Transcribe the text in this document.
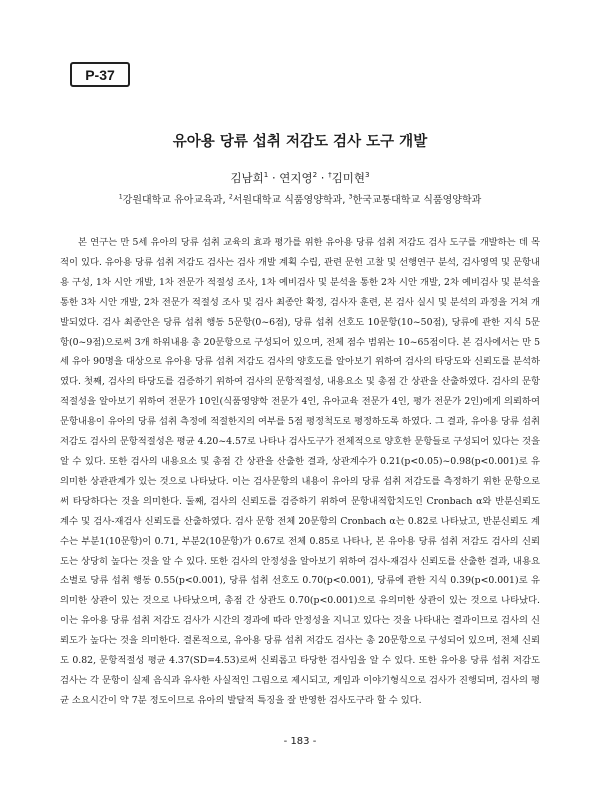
P-37
유아용 당류 섭취 저감도 검사 도구 개발
김남희$^1$ · 연지영$^2$ · †김미현$^3$
$^1$강원대학교 유아교육과, $^2$서원대학교 식품영양학과, $^3$한국교통대학교 식품영양학과

본 연구는 만 5세 유아의 당류 섭취 교육의 효과 평가를 위한 유아용 당류 섭취 저감도 검사 도구를 개발하는 데 목적이 있다. 유아용 당류 섭취 저감도 검사는 검사 개발 계획 수립, 관련 문헌 고찰 및 선행연구 분석, 검사영역 및 문항내용 구성, 1차 시안 개발, 1차 전문가 적절성 조사, 1차 예비검사 및 분석을 통한 2차 시안 개발, 2차 예비검사 및 분석을 통한 3차 시안 개발, 2차 전문가 적절성 조사 및 검사 최종안 확정, 검사자 훈련, 본 검사 실시 및 분석의 과정을 거쳐 개발되었다. 검사 최종안은 당류 섭취 행동 5문항(0~6점), 당류 섭취 선호도 10문항(10~50점), 당류에 관한 지식 5문항(0~9점)으로써 3개 하위내용 총 20문항으로 구성되어 있으며, 전체 점수 범위는 10~65점이다. 본 검사에서는 만 5세 유아 90명을 대상으로 유아용 당류 섭취 저감도 검사의 양호도를 알아보기 위하여 검사의 타당도와 신뢰도를 분석하였다. 첫째, 검사의 타당도를 검증하기 위하여 검사의 문항적절성, 내용요소 및 총점 간 상관을 산출하였다. 검사의 문항적절성을 알아보기 위하여 전문가 10인(식품영양학 전문가 4인, 유아교육 전문가 4인, 평가 전문가 2인)에게 의뢰하여 문항내용이 유아의 당류 섭취 측정에 적절한지의 여부를 5점 평정척도로 평정하도록 하였다. 그 결과, 유아용 당류 섭취 저감도 검사의 문항적절성은 평균 4.20~4.57로 나타나 검사도구가 전체적으로 양호한 문항들로 구성되어 있다는 것을 알 수 있다. 또한 검사의 내용요소 및 총점 간 상관을 산출한 결과, 상관계수가 0.21(p<0.05)~0.98(p<0.001)로 유의미한 상관관계가 있는 것으로 나타났다. 이는 검사문항의 내용이 유아의 당류 섭취 저감도를 측정하기 위한 문항으로써 타당하다는 것을 의미한다. 둘째, 검사의 신뢰도를 검증하기 위하여 문항내적합치도인 Cronbach α와 반분신뢰도 계수 및 검사-재검사 신뢰도를 산출하였다. 검사 문항 전체 20문항의 Cronbach α는 0.82로 나타났고, 반분신뢰도 계수는 부분1(10문항)이 0.71, 부분2(10문항)가 0.67로 전체 0.85로 나타나, 본 유아용 당류 섭취 저감도 검사의 신뢰도는 상당히 높다는 것을 알 수 있다. 또한 검사의 안정성을 알아보기 위하여 검사-재검사 신뢰도를 산출한 결과, 내용요소별로 당류 섭취 행동 0.55(p<0.001), 당류 섭취 선호도 0.70(p<0.001), 당류에 관한 지식 0.39(p<0.001)로 유의미한 상관이 있는 것으로 나타났으며, 총점 간 상관도 0.70(p<0.001)으로 유의미한 상관이 있는 것으로 나타났다. 이는 유아용 당류 섭취 저감도 검사가 시간의 경과에 따라 안정성을 지니고 있다는 것을 나타내는 결과이므로 검사의 신뢰도가 높다는 것을 의미한다. 결론적으로, 유아용 당류 섭취 저감도 검사는 총 20문항으로 구성되어 있으며, 전체 신뢰도 0.82, 문항적절성 평균 4.37(SD=4.53)로써 신뢰롭고 타당한 검사임을 알 수 있다. 또한 유아용 당류 섭취 저감도 검사는 각 문항이 실제 음식과 유사한 사실적인 그림으로 제시되고, 게임과 이야기형식으로 검사가 진행되며, 검사의 평균 소요시간이 약 7분 정도이므로 유아의 발달적 특징을 잘 반영한 검사도구라 할 수 있다.

- 183 -
